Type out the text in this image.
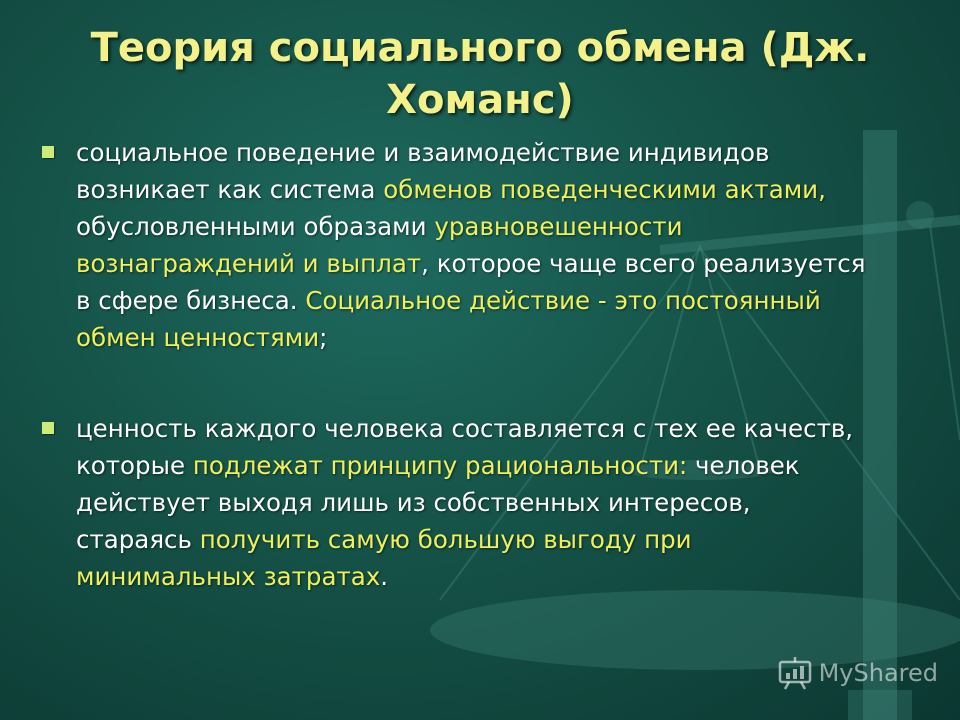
Теория социального обмена (Дж. Хоманс)
социальное поведение и взаимодействие индивидов возникает как система обменов поведенческими актами, обусловленными образами уравновешенности вознаграждений и выплат, которое чаще всего реализуется в сфере бизнеса. Социальное действие - это постоянный обмен ценностями;
ценность каждого человека составляется с тех ее качеств, которые подлежат принципу рациональности: человек действует выходя лишь из собственных интересов, стараясь получить самую большую выгоду при минимальных затратах.
MyShared
